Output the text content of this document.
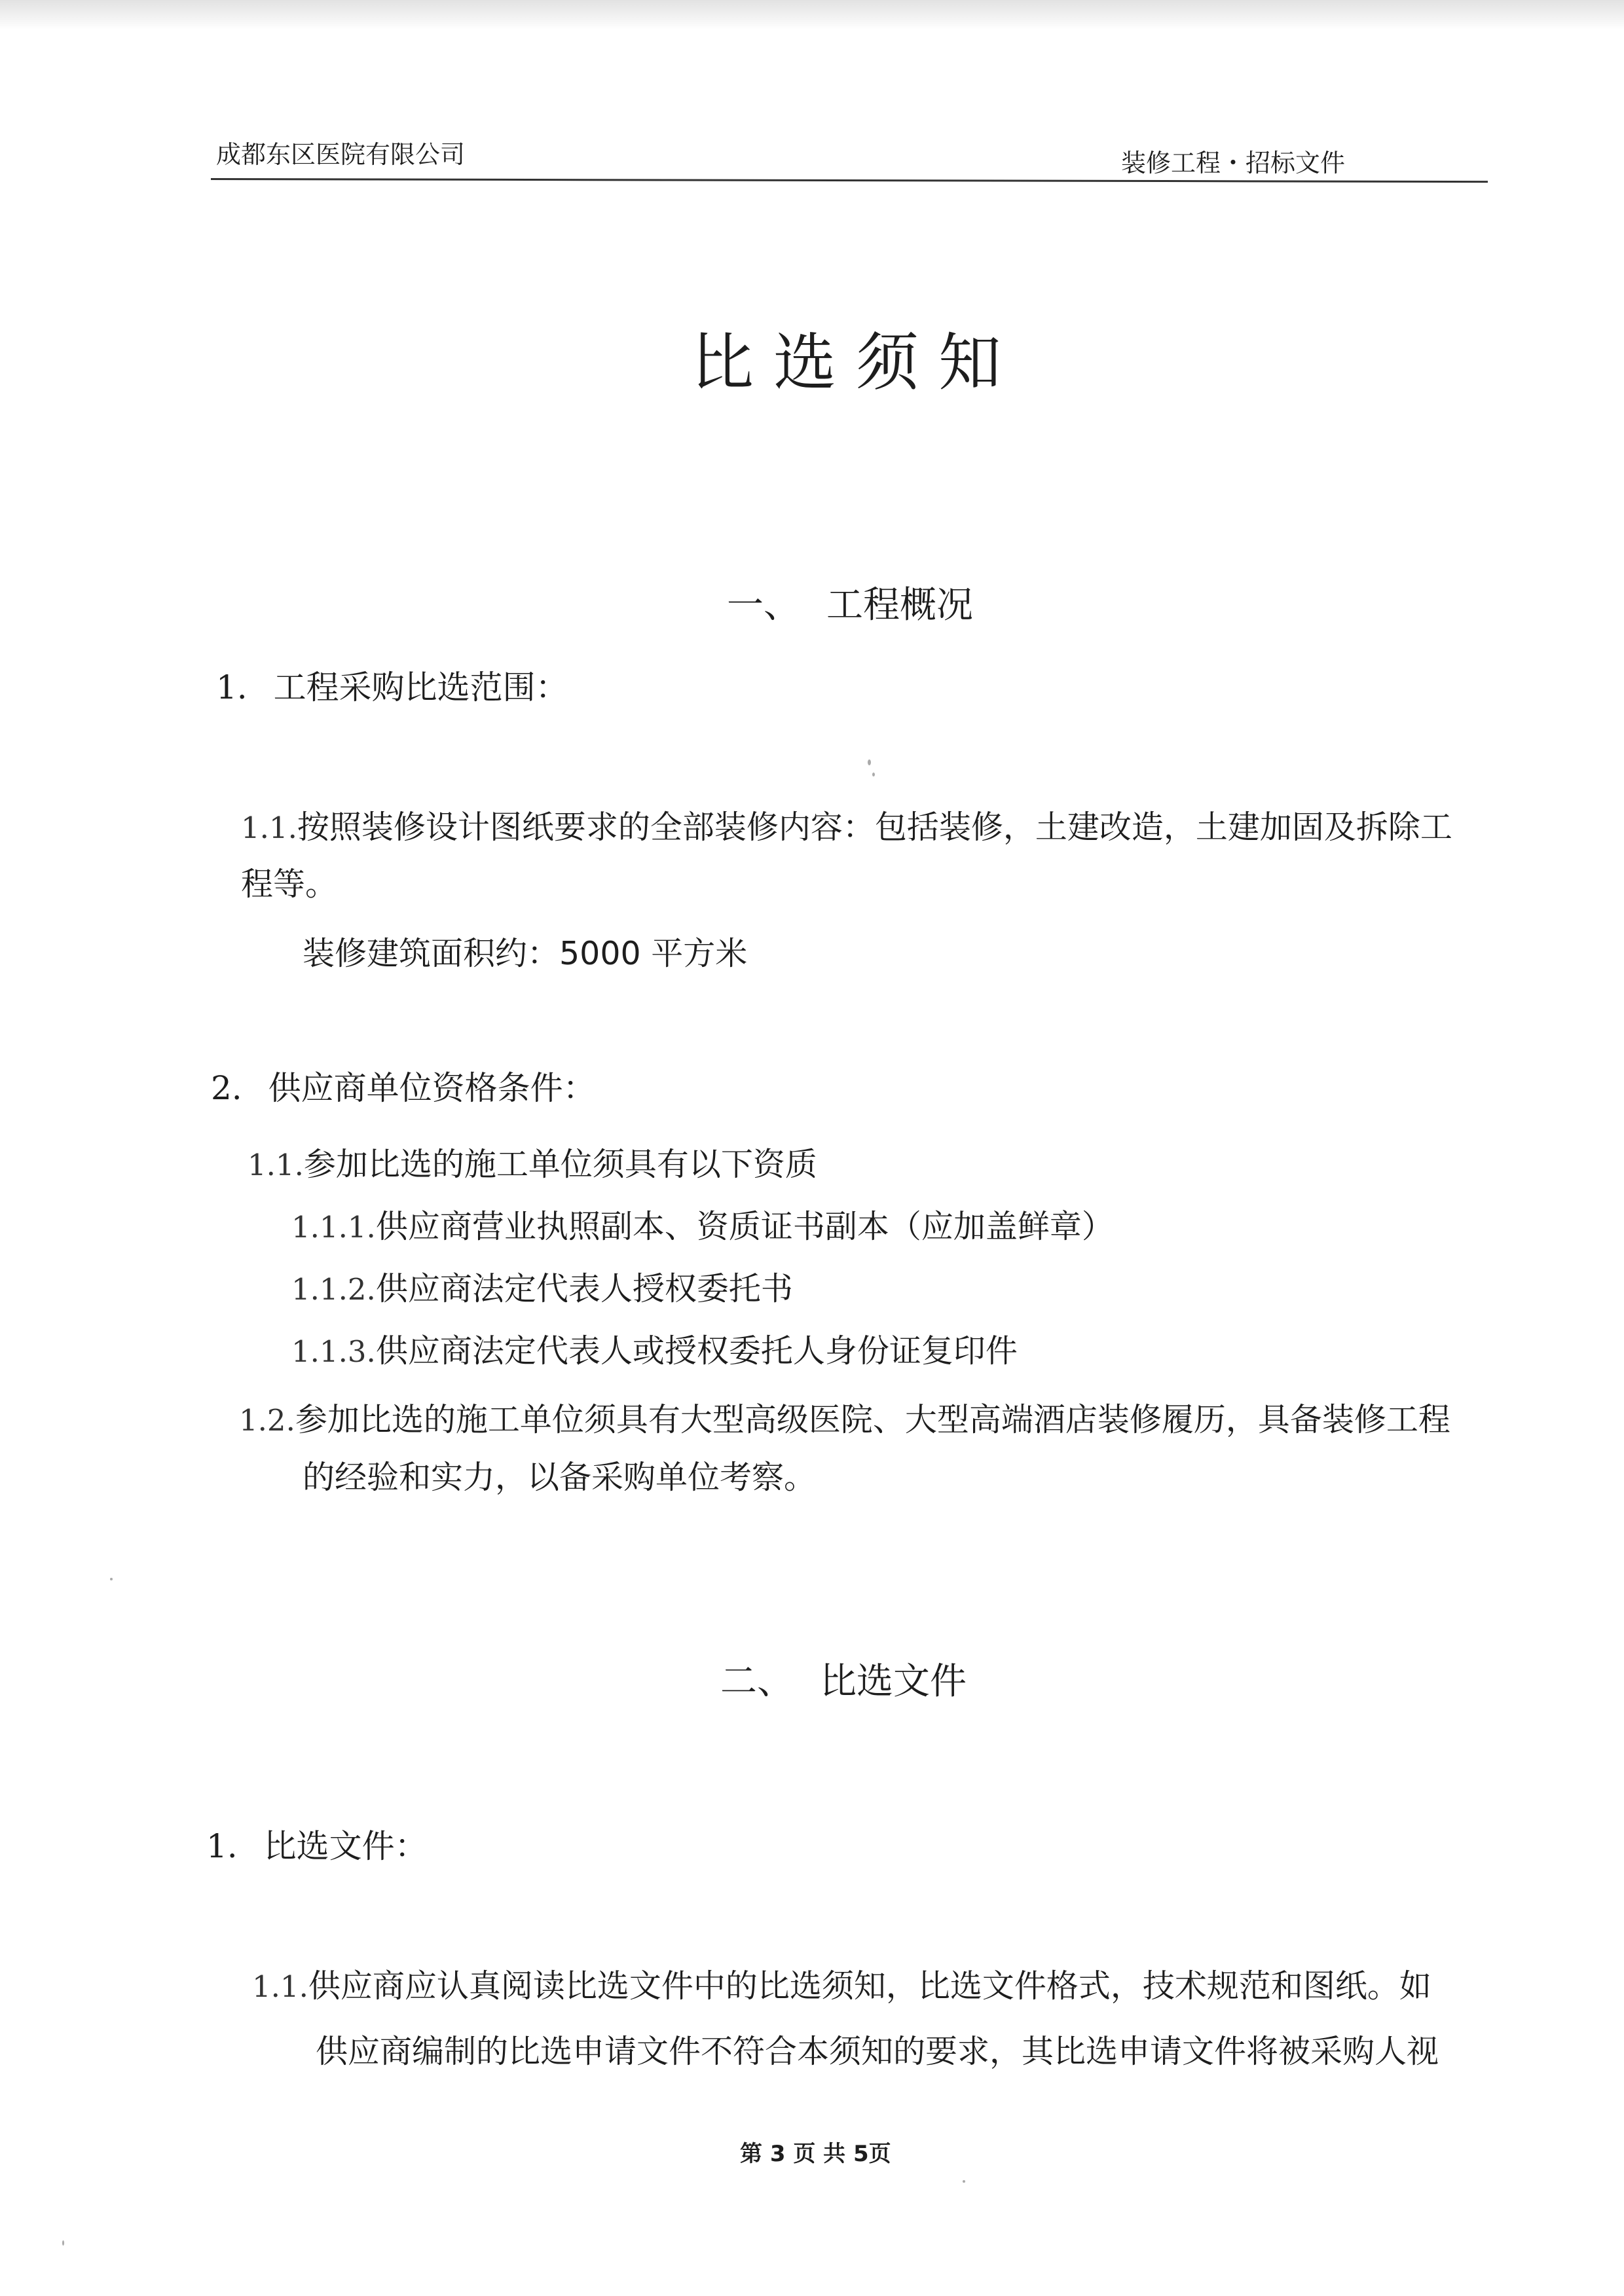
成都东区医院有限公司	装修工程・招标文件
比选须知
一、 工程概况
1. 工程采购比选范围：
1.1.按照装修设计图纸要求的全部装修内容：包括装修，土建改造，土建加固及拆除工
程等。
装修建筑面积约：5000 平方米
2. 供应商单位资格条件：
1.1.参加比选的施工单位须具有以下资质
1.1.1.供应商营业执照副本、资质证书副本（应加盖鲜章）
1.1.2.供应商法定代表人授权委托书
1.1.3.供应商法定代表人或授权委托人身份证复印件
1.2.参加比选的施工单位须具有大型高级医院、大型高端酒店装修履历，具备装修工程
的经验和实力，以备采购单位考察。
二、 比选文件
1. 比选文件：
1.1.供应商应认真阅读比选文件中的比选须知，比选文件格式，技术规范和图纸。如
供应商编制的比选申请文件不符合本须知的要求，其比选申请文件将被采购人视
第 3 页 共 5页
